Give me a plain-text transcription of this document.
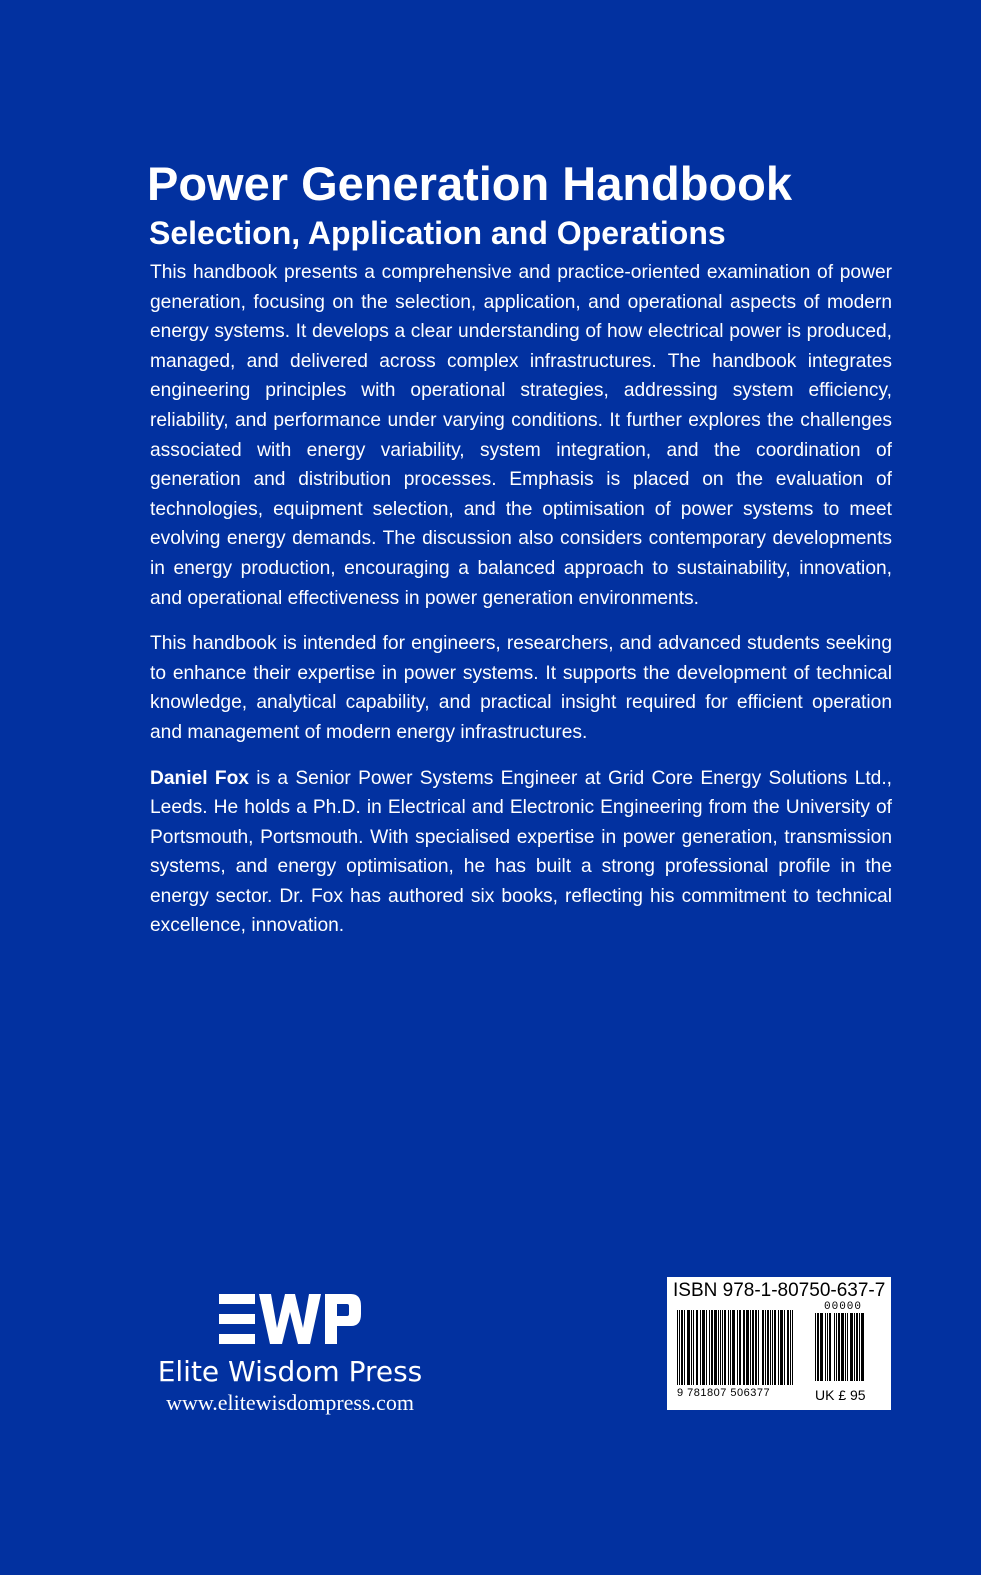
Power Generation Handbook
Selection, Application and Operations

This handbook presents a comprehensive and practice-oriented examination of power generation, focusing on the selection, application, and operational aspects of modern energy systems. It develops a clear understanding of how electrical power is produced, managed, and delivered across complex infrastructures. The handbook integrates engineering principles with operational strategies, addressing system efficiency, reliability, and performance under varying conditions. It further explores the challenges associated with energy variability, system integration, and the coordination of generation and distribution processes. Emphasis is placed on the evaluation of technologies, equipment selection, and the optimisation of power systems to meet evolving energy demands. The discussion also considers contemporary developments in energy production, encouraging a balanced approach to sustainability, innovation, and operational effectiveness in power generation environments.

This handbook is intended for engineers, researchers, and advanced students seeking to enhance their expertise in power systems. It supports the development of technical knowledge, analytical capability, and practical insight required for efficient operation and management of modern energy infrastructures.

Daniel Fox is a Senior Power Systems Engineer at Grid Core Energy Solutions Ltd., Leeds. He holds a Ph.D. in Electrical and Electronic Engineering from the University of Portsmouth, Portsmouth. With specialised expertise in power generation, transmission systems, and energy optimisation, he has built a strong professional profile in the energy sector. Dr. Fox has authored six books, reflecting his commitment to technical excellence, innovation.

Elite Wisdom Press
www.elitewisdompress.com
ISBN 978-1-80750-637-7
00000
9 781807 506377	UK £ 95
